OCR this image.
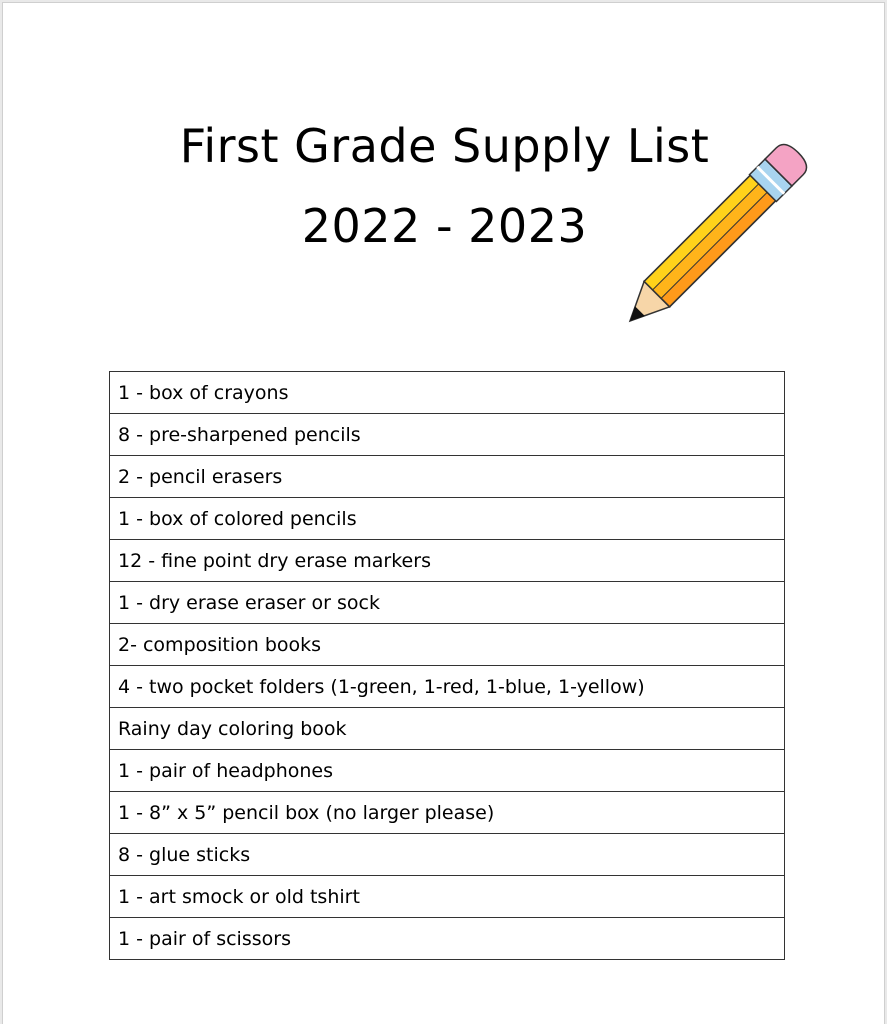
First Grade Supply List
2022 - 2023
1 - box of crayons
8 - pre-sharpened pencils
2 - pencil erasers
1 - box of colored pencils
12 - fine point dry erase markers
1 - dry erase eraser or sock
2- composition books
4 - two pocket folders (1-green, 1-red, 1-blue, 1-yellow)
Rainy day coloring book
1 - pair of headphones
1 - 8” x 5” pencil box (no larger please)
8 - glue sticks
1 - art smock or old tshirt
1 - pair of scissors
